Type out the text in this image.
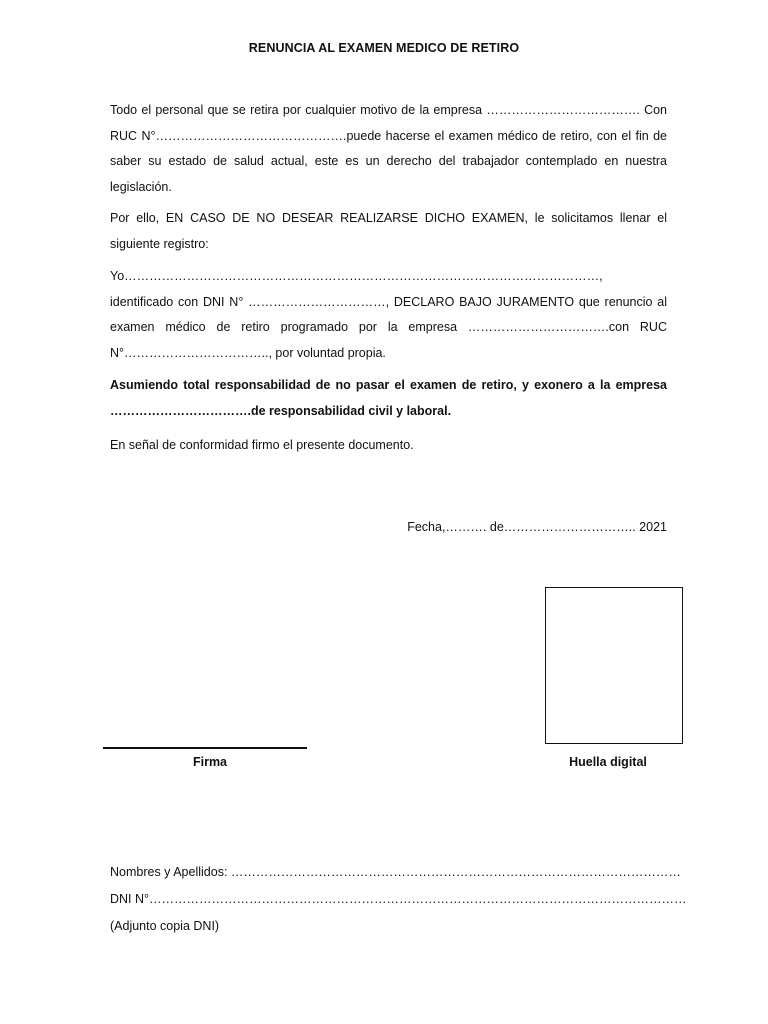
RENUNCIA AL EXAMEN MEDICO DE RETIRO
Todo el personal que se retira por cualquier motivo de la empresa ………………………………. Con RUC N°……………………………………….puede hacerse el examen médico de retiro, con el fin de saber su estado de salud actual, este es un derecho del trabajador contemplado en nuestra legislación.
Por ello, EN CASO DE NO DESEAR REALIZARSE DICHO EXAMEN, le solicitamos llenar el siguiente registro:
Yo……………………………………………………………………………………………………, identificado con DNI N° ……………………………, DECLARO BAJO JURAMENTO que renuncio al examen médico de retiro programado por la empresa …………………………….con RUC N°…………………………….., por voluntad propia.
Asumiendo total responsabilidad de no pasar el examen de retiro, y exonero a la empresa …………………………….de responsabilidad civil y laboral.
En señal de conformidad firmo el presente documento.
Fecha,………. de………………………….. 2021
Firma	Huella digital
Nombres y Apellidos: ………………………………………………………………………………………………
DNI N°…………………………………………………………………………………………………………………
(Adjunto copia DNI)
